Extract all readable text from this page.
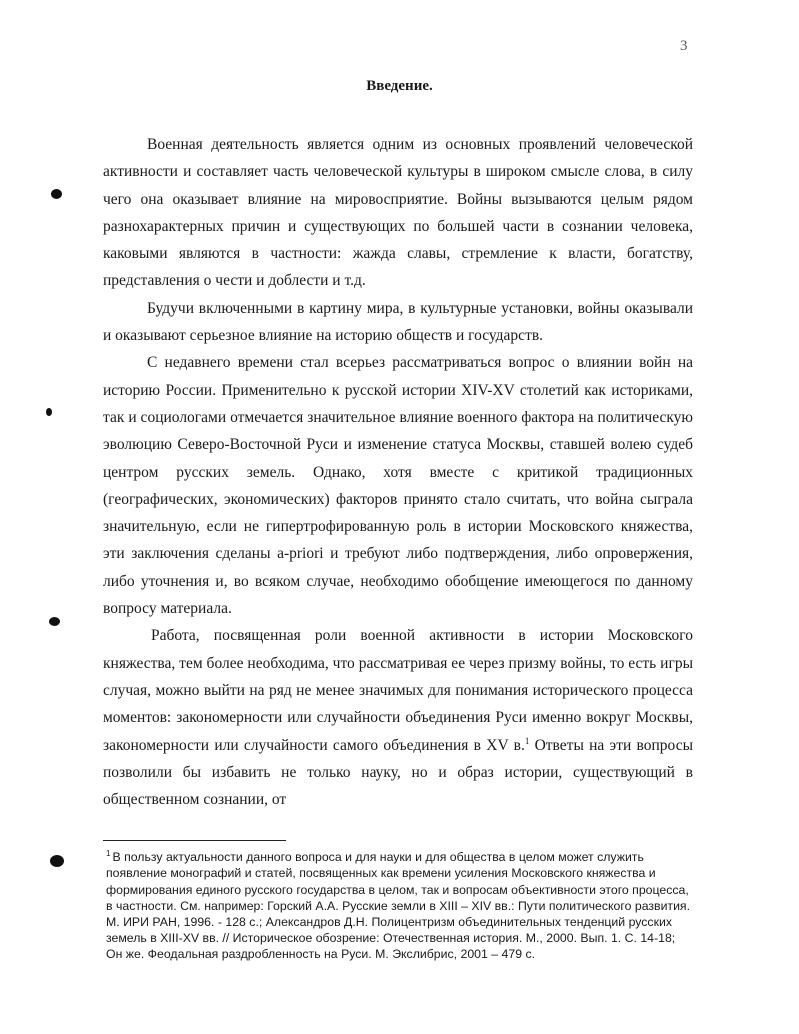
3
Введение.

Военная деятельность является одним из основных проявлений человеческой активности и составляет часть человеческой культуры в широком смысле слова, в силу чего она оказывает влияние на мировосприятие. Войны вызываются целым рядом разнохарактерных причин и существующих по большей части в сознании человека, каковыми являются в частности: жажда славы, стремление к власти, богатству, представления о чести и доблести и т.д.

Будучи включенными в картину мира, в культурные установки, войны оказывали и оказывают серьезное влияние на историю обществ и государств.

С недавнего времени стал всерьез рассматриваться вопрос о влиянии войн на историю России. Применительно к русской истории XIV-XV столетий как историками, так и социологами отмечается значительное влияние военного фактора на политическую эволюцию Северо-Восточной Руси и изменение статуса Москвы, ставшей волею судеб центром русских земель. Однако, хотя вместе с критикой традиционных (географических, экономических) факторов принято стало считать, что война сыграла значительную, если не гипертрофированную роль в истории Московского княжества, эти заключения сделаны a-priori и требуют либо подтверждения, либо опровержения, либо уточнения и, во всяком случае, необходимо обобщение имеющегося по данному вопросу материала.

Работа, посвященная роли военной активности в истории Московского княжества, тем более необходима, что рассматривая ее через призму войны, то есть игры случая, можно выйти на ряд не менее значимых для понимания исторического процесса моментов: закономерности или случайности объединения Руси именно вокруг Москвы, закономерности или случайности самого объединения в XV в.$^1$ Ответы на эти вопросы позволили бы избавить не только науку, но и образ истории, существующий в общественном сознании, от

$^1$ В пользу актуальности данного вопроса и для науки и для общества в целом может служить появление монографий и статей, посвященных как времени усиления Московского княжества и формирования единого русского государства в целом, так и вопросам объективности этого процесса, в частности. См. например: Горский А.А. Русские земли в XIII – XIV вв.: Пути политического развития. М. ИРИ РАН, 1996. - 128 с.; Александров Д.Н. Полицентризм объединительных тенденций русских земель в XIII-XV вв. // Историческое обозрение: Отечественная история. М., 2000. Вып. 1. С. 14-18; Он же. Феодальная раздробленность на Руси. М. Экслибрис, 2001 – 479 с.
